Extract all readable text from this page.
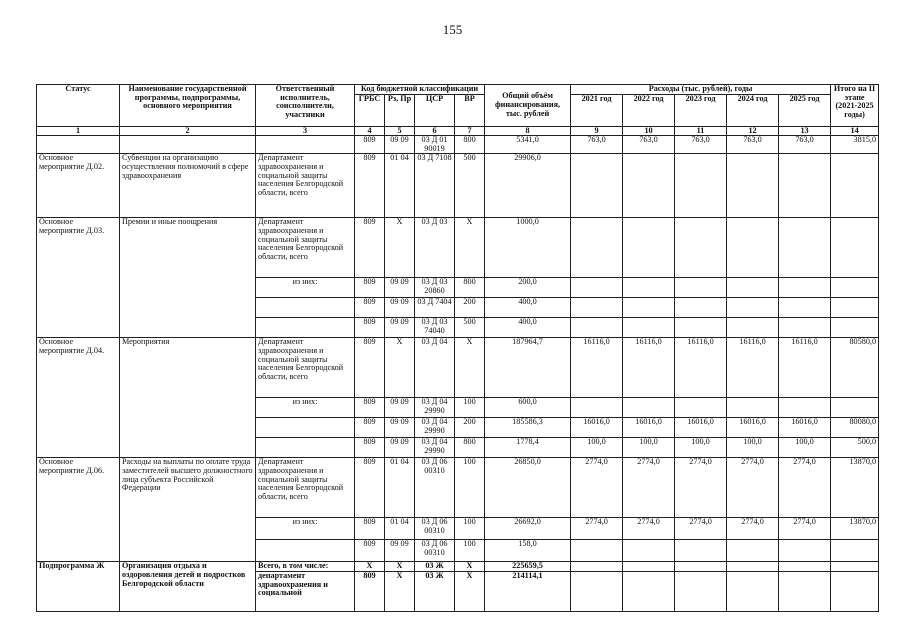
155
Статус	Наименование государственной программы, подпрограммы, основного мероприятия	Ответственный исполнитель, соисполнители, участники	Код бюджетной классификации				Общий объём финансирования, тыс. рублей	Расходы (тыс. рублей), годы					Итого на II этапе (2021-2025 годы)
			ГРБС	Рз, Пр	ЦСР	ВР		2021 год	2022 год	2023 год	2024 год	2025 год	
1	2	3	4	5	6	7	8	9	10	11	12	13	14
			809	09 09	03 Д 01 90019	800	5341,0	763,0	763,0	763,0	763,0	763,0	3815,0
Основное мероприятие Д.02.	Субвенции на организацию осуществления полномочий в сфере здравоохранения	Департамент здравоохранения и социальной защиты населения Белгородской области, всего	809	01 04	03 Д 7108	500	29906,0						
Основное мероприятие Д.03.	Премии и иные поощрения	Департамент здравоохранения и социальной защиты населения Белгородской области, всего	809	Х	03 Д 03	Х	1000,0						
		из них:	809	09 09	03 Д 03 20860	800	200,0						
			809	09 09	03 Д 7404	200	400,0						
			809	09 09	03 Д 03 74040	500	400,0						
Основное мероприятие Д.04.	Мероприятия	Департамент здравоохранения и социальной защиты населения Белгородской области, всего	809	Х	03 Д 04	Х	187964,7	16116,0	16116,0	16116,0	16116,0	16116,0	80580,0
		из них:	809	09 09	03 Д 04 29990	100	600,0						
			809	09 09	03 Д 04 29990	200	185586,3	16016,0	16016,0	16016,0	16016,0	16016,0	80080,0
			809	09 09	03 Д 04 29990	800	1778,4	100,0	100,0	100,0	100,0	100,0	500,0
Основное мероприятие Д.06.	Расходы на выплаты по оплате труда заместителей высшего должностного лица субъекта Российской Федерации	Департамент здравоохранения и социальной защиты населения Белгородской области, всего	809	01 04	03 Д 06 00310	100	26850,0	2774,0	2774,0	2774,0	2774,0	2774,0	13870,0
		из них:	809	01 04	03 Д 06 00310	100	26692,0	2774,0	2774,0	2774,0	2774,0	2774,0	13870,0
			809	09 09	03 Д 06 00310	100	158,0						
Подпрограмма Ж	Организация отдыха и оздоровления детей и подростков Белгородской области	Всего, в том числе:	Х	Х	03 Ж	Х	225659,5						
		департамент здравоохранения и социальной	809	Х	03 Ж	Х	214114,1						
